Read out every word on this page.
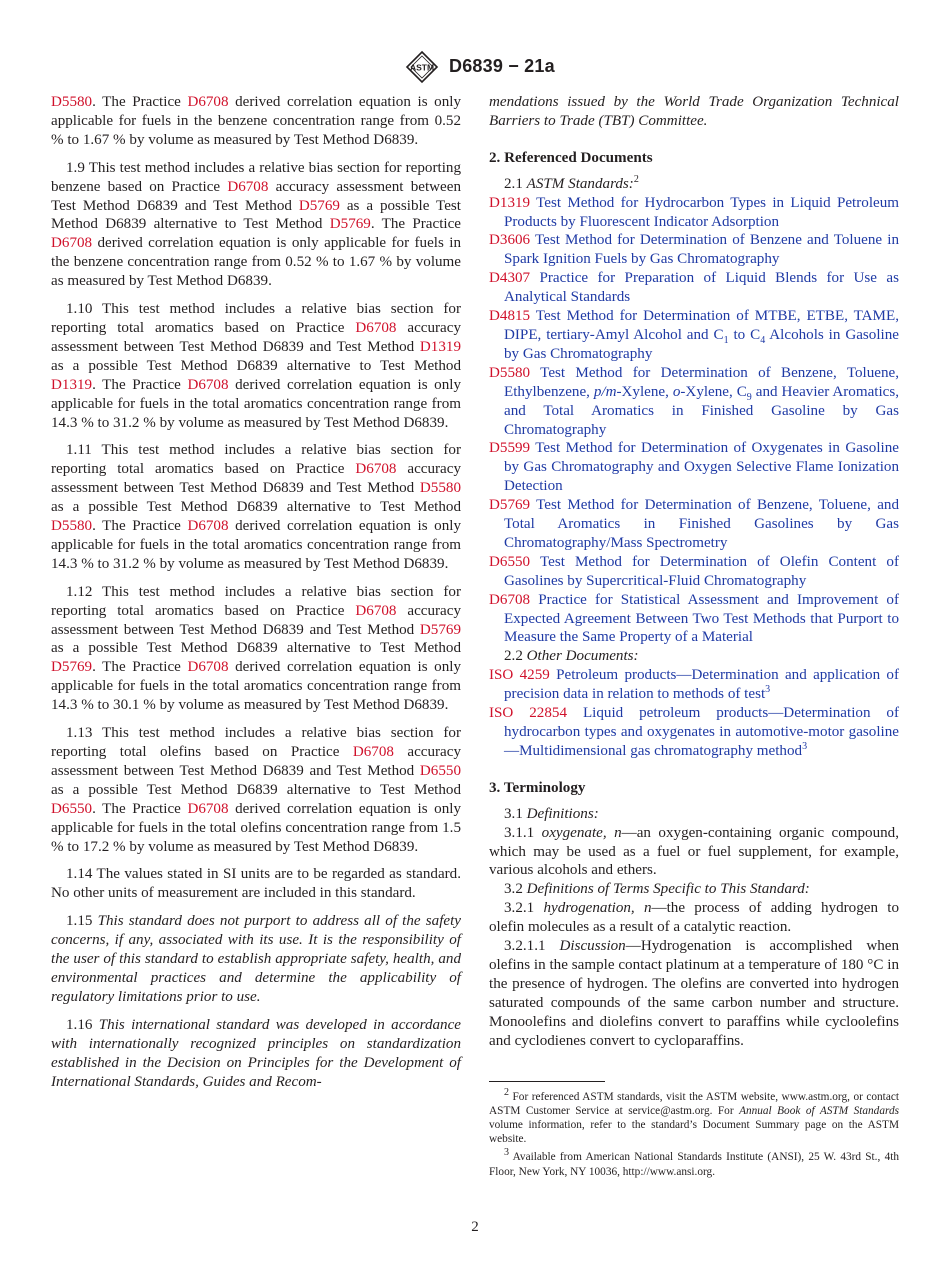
ASTM D6839 − 21a

D5580. The Practice D6708 derived correlation equation is only applicable for fuels in the benzene concentration range from 0.52 % to 1.67 % by volume as measured by Test Method D6839.

1.9 This test method includes a relative bias section for reporting benzene based on Practice D6708 accuracy assessment between Test Method D6839 and Test Method D5769 as a possible Test Method D6839 alternative to Test Method D5769. The Practice D6708 derived correlation equation is only applicable for fuels in the benzene concentration range from 0.52 % to 1.67 % by volume as measured by Test Method D6839.

1.10 This test method includes a relative bias section for reporting total aromatics based on Practice D6708 accuracy assessment between Test Method D6839 and Test Method D1319 as a possible Test Method D6839 alternative to Test Method D1319. The Practice D6708 derived correlation equation is only applicable for fuels in the total aromatics concentration range from 14.3 % to 31.2 % by volume as measured by Test Method D6839.

1.11 This test method includes a relative bias section for reporting total aromatics based on Practice D6708 accuracy assessment between Test Method D6839 and Test Method D5580 as a possible Test Method D6839 alternative to Test Method D5580. The Practice D6708 derived correlation equation is only applicable for fuels in the total aromatics concentration range from 14.3 % to 31.2 % by volume as measured by Test Method D6839.

1.12 This test method includes a relative bias section for reporting total aromatics based on Practice D6708 accuracy assessment between Test Method D6839 and Test Method D5769 as a possible Test Method D6839 alternative to Test Method D5769. The Practice D6708 derived correlation equation is only applicable for fuels in the total aromatics concentration range from 14.3 % to 30.1 % by volume as measured by Test Method D6839.

1.13 This test method includes a relative bias section for reporting total olefins based on Practice D6708 accuracy assessment between Test Method D6839 and Test Method D6550 as a possible Test Method D6839 alternative to Test Method D6550. The Practice D6708 derived correlation equation is only applicable for fuels in the total olefins concentration range from 1.5 % to 17.2 % by volume as measured by Test Method D6839.

1.14 The values stated in SI units are to be regarded as standard. No other units of measurement are included in this standard.

1.15 This standard does not purport to address all of the safety concerns, if any, associated with its use. It is the responsibility of the user of this standard to establish appropriate safety, health, and environmental practices and determine the applicability of regulatory limitations prior to use.

1.16 This international standard was developed in accordance with internationally recognized principles on standardization established in the Decision on Principles for the Development of International Standards, Guides and Recom-

mendations issued by the World Trade Organization Technical Barriers to Trade (TBT) Committee.

2. Referenced Documents

2.1 ASTM Standards:$^2$

D1319 Test Method for Hydrocarbon Types in Liquid Petroleum Products by Fluorescent Indicator Adsorption

D3606 Test Method for Determination of Benzene and Toluene in Spark Ignition Fuels by Gas Chromatography

D4307 Practice for Preparation of Liquid Blends for Use as Analytical Standards

D4815 Test Method for Determination of MTBE, ETBE, TAME, DIPE, tertiary-Amyl Alcohol and $C_1$ to $C_4$ Alcohols in Gasoline by Gas Chromatography

D5580 Test Method for Determination of Benzene, Toluene, Ethylbenzene, p/m-Xylene, o-Xylene, $C_9$ and Heavier Aromatics, and Total Aromatics in Finished Gasoline by Gas Chromatography

D5599 Test Method for Determination of Oxygenates in Gasoline by Gas Chromatography and Oxygen Selective Flame Ionization Detection

D5769 Test Method for Determination of Benzene, Toluene, and Total Aromatics in Finished Gasolines by Gas Chromatography/Mass Spectrometry

D6550 Test Method for Determination of Olefin Content of Gasolines by Supercritical-Fluid Chromatography

D6708 Practice for Statistical Assessment and Improvement of Expected Agreement Between Two Test Methods that Purport to Measure the Same Property of a Material

2.2 Other Documents:

ISO 4259 Petroleum products—Determination and application of precision data in relation to methods of test$^3$

ISO 22854 Liquid petroleum products—Determination of hydrocarbon types and oxygenates in automotive-motor gasoline—Multidimensional gas chromatography method$^3$

3. Terminology

3.1 Definitions:

3.1.1 oxygenate, n—an oxygen-containing organic compound, which may be used as a fuel or fuel supplement, for example, various alcohols and ethers.

3.2 Definitions of Terms Specific to This Standard:

3.2.1 hydrogenation, n—the process of adding hydrogen to olefin molecules as a result of a catalytic reaction.

3.2.1.1 Discussion—Hydrogenation is accomplished when olefins in the sample contact platinum at a temperature of 180 °C in the presence of hydrogen. The olefins are converted into hydrogen saturated compounds of the same carbon number and structure. Monoolefins and diolefins convert to paraffins while cycloolefins and cyclodienes convert to cycloparaffins.

$^2$ For referenced ASTM standards, visit the ASTM website, www.astm.org, or contact ASTM Customer Service at service@astm.org. For Annual Book of ASTM Standards volume information, refer to the standard’s Document Summary page on the ASTM website.

$^3$ Available from American National Standards Institute (ANSI), 25 W. 43rd St., 4th Floor, New York, NY 10036, http://www.ansi.org.

2
